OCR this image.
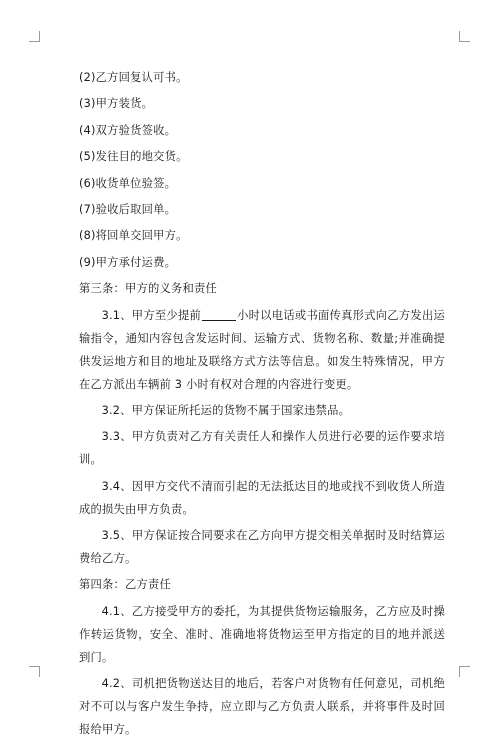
(2)乙方回复认可书。
(3)甲方装货。
(4)双方验货签收。
(5)发往目的地交货。
(6)收货单位验签。
(7)验收后取回单。
(8)将回单交回甲方。
(9)甲方承付运费。
第三条：甲方的义务和责任
3.1、甲方至少提前	小时以电话或书面传真形式向乙方发出运输指令，通知内容包含发运时间、运输方式、货物名称、数量;并准确提供发运地方和目的地址及联络方式方法等信息。如发生特殊情况，甲方在乙方派出车辆前 3 小时有权对合理的内容进行变更。
3.2、甲方保证所托运的货物不属于国家违禁品。
3.3、甲方负责对乙方有关责任人和操作人员进行必要的运作要求培训。
3.4、因甲方交代不清而引起的无法抵达目的地或找不到收货人所造成的损失由甲方负责。
3.5、甲方保证按合同要求在乙方向甲方提交相关单据时及时结算运费给乙方。
第四条：乙方责任
4.1、乙方接受甲方的委托，为其提供货物运输服务，乙方应及时操作转运货物，安全、准时、准确地将货物运至甲方指定的目的地并派送到门。
4.2、司机把货物送达目的地后，若客户对货物有任何意见，司机绝对不可以与客户发生争持，应立即与乙方负责人联系，并将事件及时回报给甲方。
